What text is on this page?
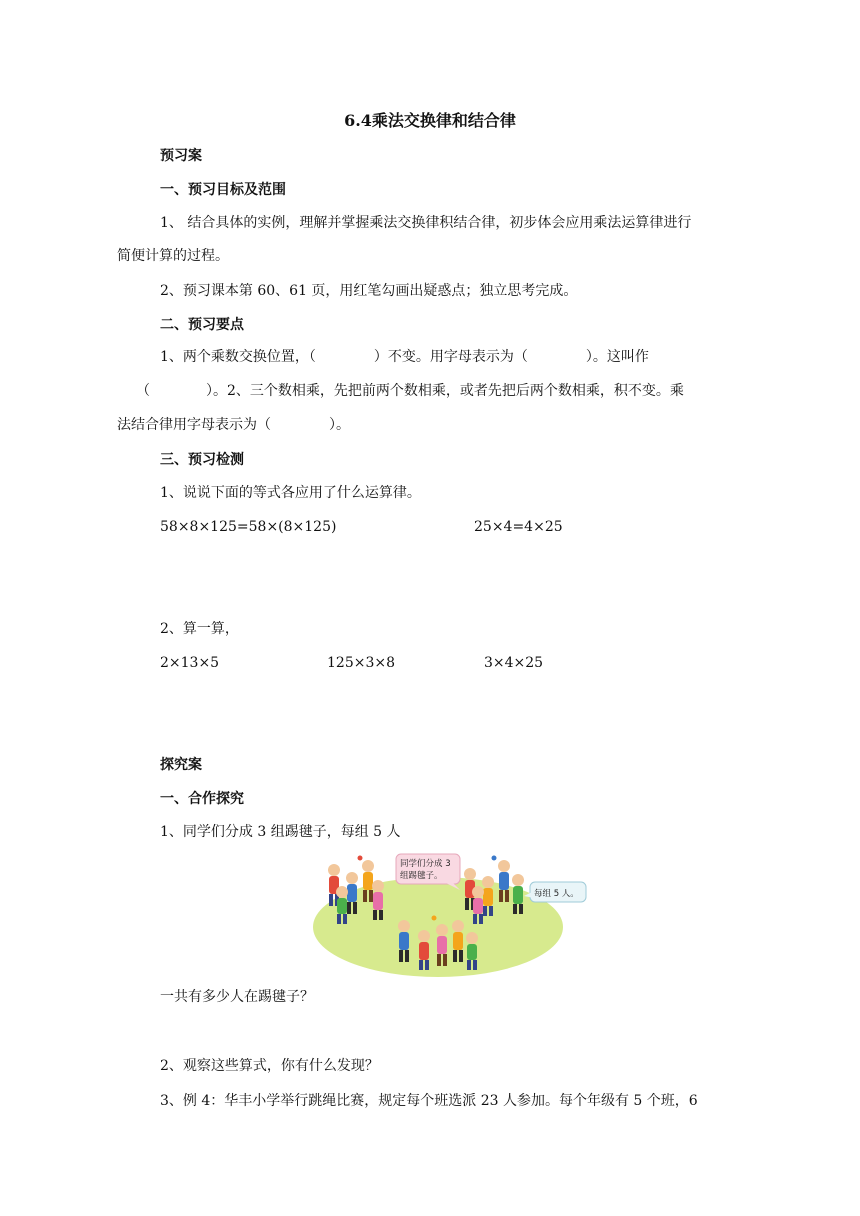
6.4乘法交换律和结合律
预习案
一、预习目标及范围
1、 结合具体的实例，理解并掌握乘法交换律积结合律，初步体会应用乘法运算律进行
简便计算的过程。
2、预习课本第 60、61 页，用红笔勾画出疑惑点；独立思考完成。
二、预习要点
1、两个乘数交换位置，（	）不变。用字母表示为（	）。这叫作
（	）。2、三个数相乘，先把前两个数相乘，或者先把后两个数相乘，积不变。乘
法结合律用字母表示为（	）。
三、预习检测
1、说说下面的等式各应用了什么运算律。
58×8×125=58×(8×125)	25×4=4×25
2、算一算，
2×13×5	125×3×8	3×4×25
探究案
一、合作探究
1、同学们分成 3 组踢毽子，每组 5 人
同学们分成 3
组踢毽子。
每组 5 人。
一共有多少人在踢毽子？
2、观察这些算式，你有什么发现？
3、例 4：华丰小学举行跳绳比赛，规定每个班选派 23 人参加。每个年级有 5 个班，6
